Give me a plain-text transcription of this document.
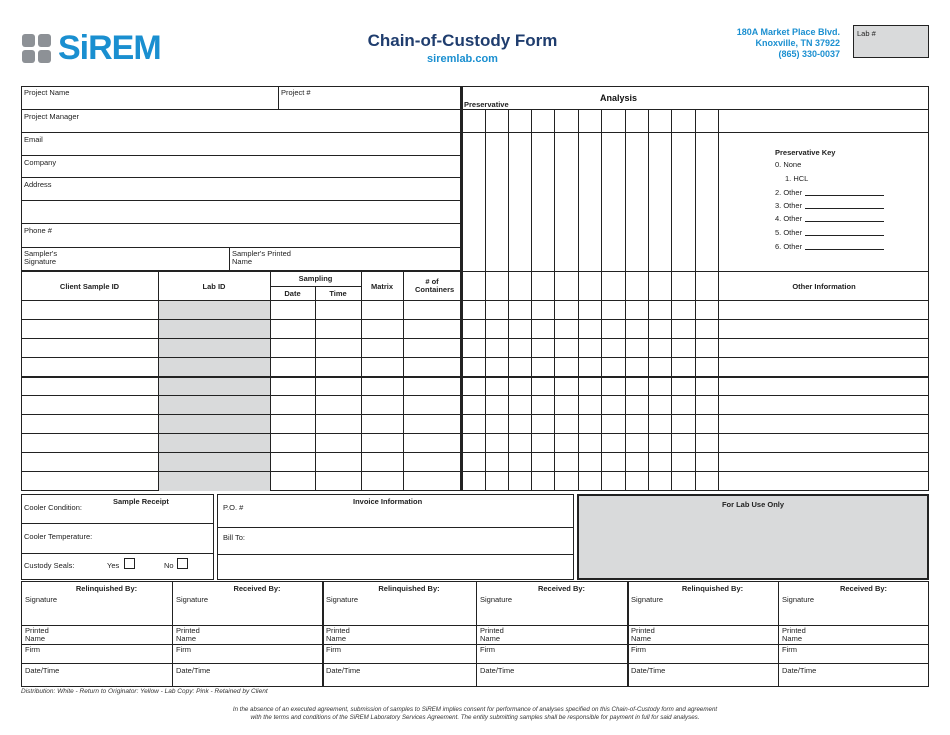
SiREM	Chain-of-Custody Form
siremlab.com
180A Market Place Blvd.
Knoxville, TN 37922
(865) 330-0037
Lab #
Project Name	Project #
Project Manager
Email
Company
Address
Phone #
Sampler's Signature
Sampler's Printed Name
Client Sample ID	Lab ID
Sampling
Date	Time
Matrix
# of Containers
Analysis
Preservative
Preservative Key
0. None
1. HCL
2. Other
3. Other
4. Other
5. Other
6. Other
Other Information
Sample Receipt
Cooler Condition:
Cooler Temperature:
Custody Seals:	Yes	No
Invoice Information
P.O. #
Bill To:
For Lab Use Only
Relinquished By:
Signature
Printed Name
Firm
Date/Time
Received By:
Signature
Printed Name
Firm
Date/Time
Relinquished By:
Signature
Printed Name
Firm
Date/Time
Received By:
Signature
Printed Name
Firm
Date/Time
Relinquished By:
Signature
Printed Name
Firm
Date/Time
Received By:
Signature
Printed Name
Firm
Date/Time
Distribution: White - Return to Originator: Yellow - Lab Copy: Pink - Retained by Client
In the absence of an executed agreement, submission of samples to SiREM implies consent for performance of analyses specified on this Chain-of-Custody form and agreement
with the terms and conditions of the SiREM Laboratory Services Agreement. The entity submitting samples shall be responsible for payment in full for said analyses.
